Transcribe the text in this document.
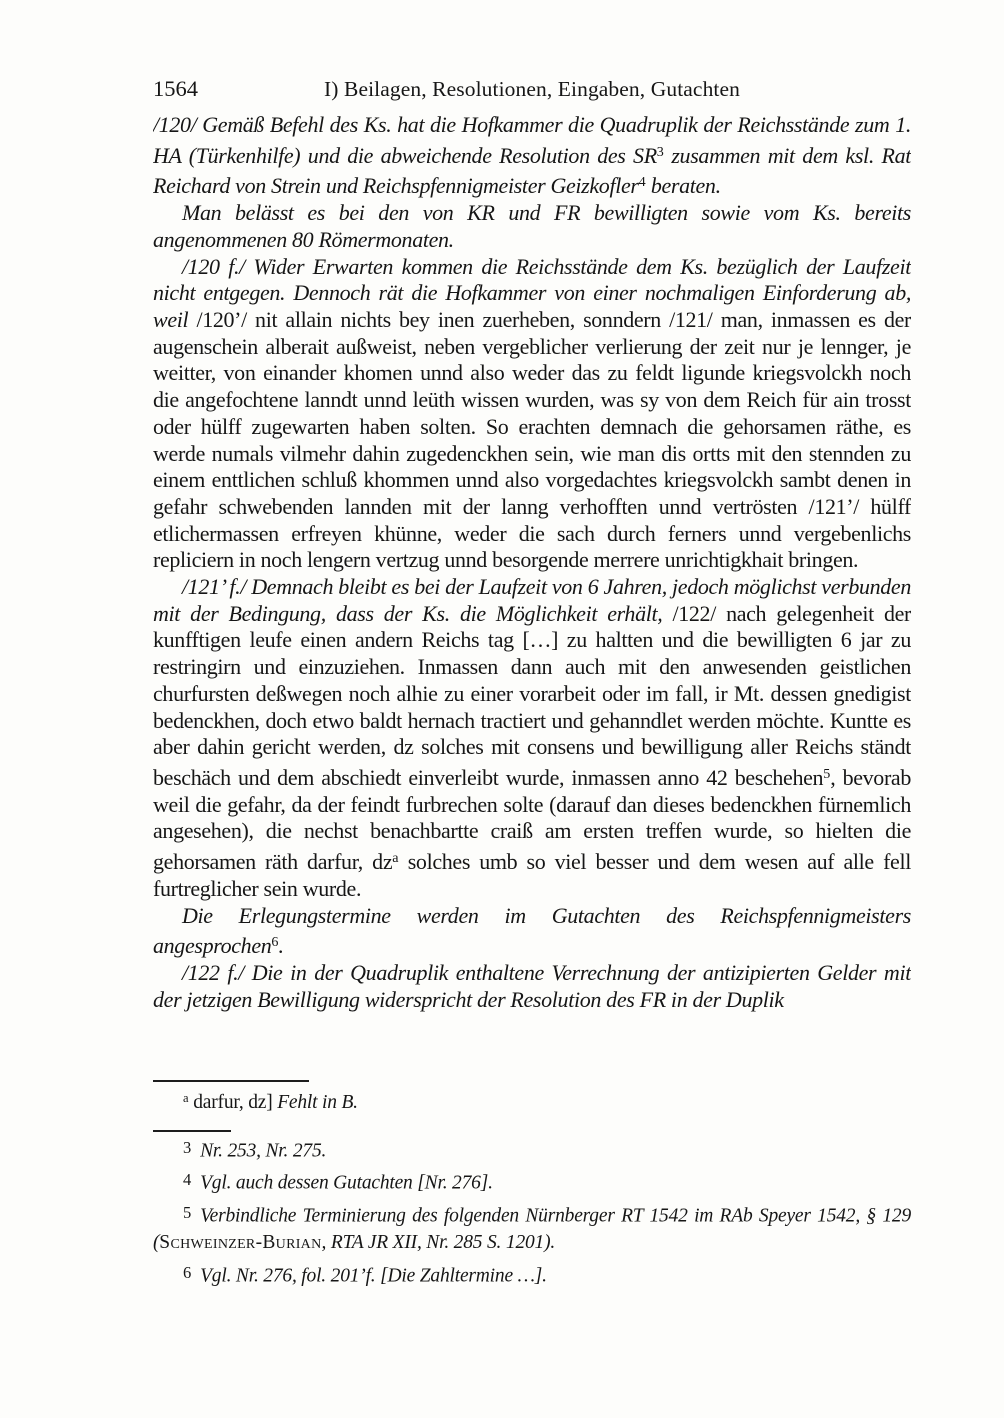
1564	I) Beilagen, Resolutionen, Eingaben, Gutachten

/120/ Gemäß Befehl des Ks. hat die Hofkammer die Quadruplik der Reichsstände zum 1. HA (Türkenhilfe) und die abweichende Resolution des $SR^3$ zusammen mit dem ksl. Rat Reichard von Strein und Reichspfennigmeister Geizkofler$^4$ beraten.

Man belässt es bei den von KR und FR bewilligten sowie vom Ks. bereits angenommenen 80 Römermonaten.

/120 f./ Wider Erwarten kommen die Reichsstände dem Ks. bezüglich der Laufzeit nicht entgegen. Dennoch rät die Hofkammer von einer nochmaligen Einforderung ab, weil /120’/ nit allain nichts bey inen zuerheben, sonndern /121/ man, inmassen es der augenschein alberait außweist, neben vergeblicher verlierung der zeit nur je lennger, je weitter, von einander khomen unnd also weder das zu feldt ligunde kriegsvolckh noch die angefochtene lanndt unnd leüth wissen wurden, was sy von dem Reich für ain trosst oder hülff zugewarten haben solten. So erachten demnach die gehorsamen räthe, es werde numals vilmehr dahin zugedenckhen sein, wie man dis ortts mit den stennden zu einem enttlichen schluß khommen unnd also vorgedachtes kriegsvolckh sambt denen in gefahr schwebenden lannden mit der lanng verhofften unnd vertrösten /121’/ hülff etlichermassen erfreyen khünne, weder die sach durch ferners unnd vergebenlichs repliciern in noch lengern vertzug unnd besorgende merrere unrichtigkhait bringen.

/121’ f./ Demnach bleibt es bei der Laufzeit von 6 Jahren, jedoch möglichst verbunden mit der Bedingung, dass der Ks. die Möglichkeit erhält, /122/ nach gelegenheit der kunfftigen leufe einen andern Reichs tag […] zu haltten und die bewilligten 6 jar zu restringirn und einzuziehen. Inmassen dann auch mit den anwesenden geistlichen churfursten deßwegen noch alhie zu einer vorarbeit oder im fall, ir Mt. dessen gnedigist bedenckhen, doch etwo baldt hernach tractiert und gehanndlet werden möchte. Kuntte es aber dahin gericht werden, dz solches mit consens und bewilligung aller Reichs ständt beschäch und dem abschiedt einverleibt wurde, inmassen anno 42 beschehen$^5$, bevorab weil die gefahr, da der feindt furbrechen solte (darauf dan dieses bedenckhen fürnemlich angesehen), die nechst benachbartte craiß am ersten treffen wurde, so hielten die gehorsamen räth darfur, $dz^a$ solches umb so viel besser und dem wesen auf alle fell furtreglicher sein wurde.

Die Erlegungstermine werden im Gutachten des Reichspfennigmeisters angesprochen$^6$.

/122 f./ Die in der Quadruplik enthaltene Verrechnung der antizipierten Gelder mit der jetzigen Bewilligung widerspricht der Resolution des FR in der Duplik

$^a$ darfur, dz] Fehlt in B.

3 Nr. 253, Nr. 275.

4 Vgl. auch dessen Gutachten [Nr. 276].

5 Verbindliche Terminierung des folgenden Nürnberger RT 1542 im RAb Speyer 1542, § 129 (Schweinzer-Burian, RTA JR XII, Nr. 285 S. 1201).

6 Vgl. Nr. 276, fol. 201’f. [Die Zahltermine …].
